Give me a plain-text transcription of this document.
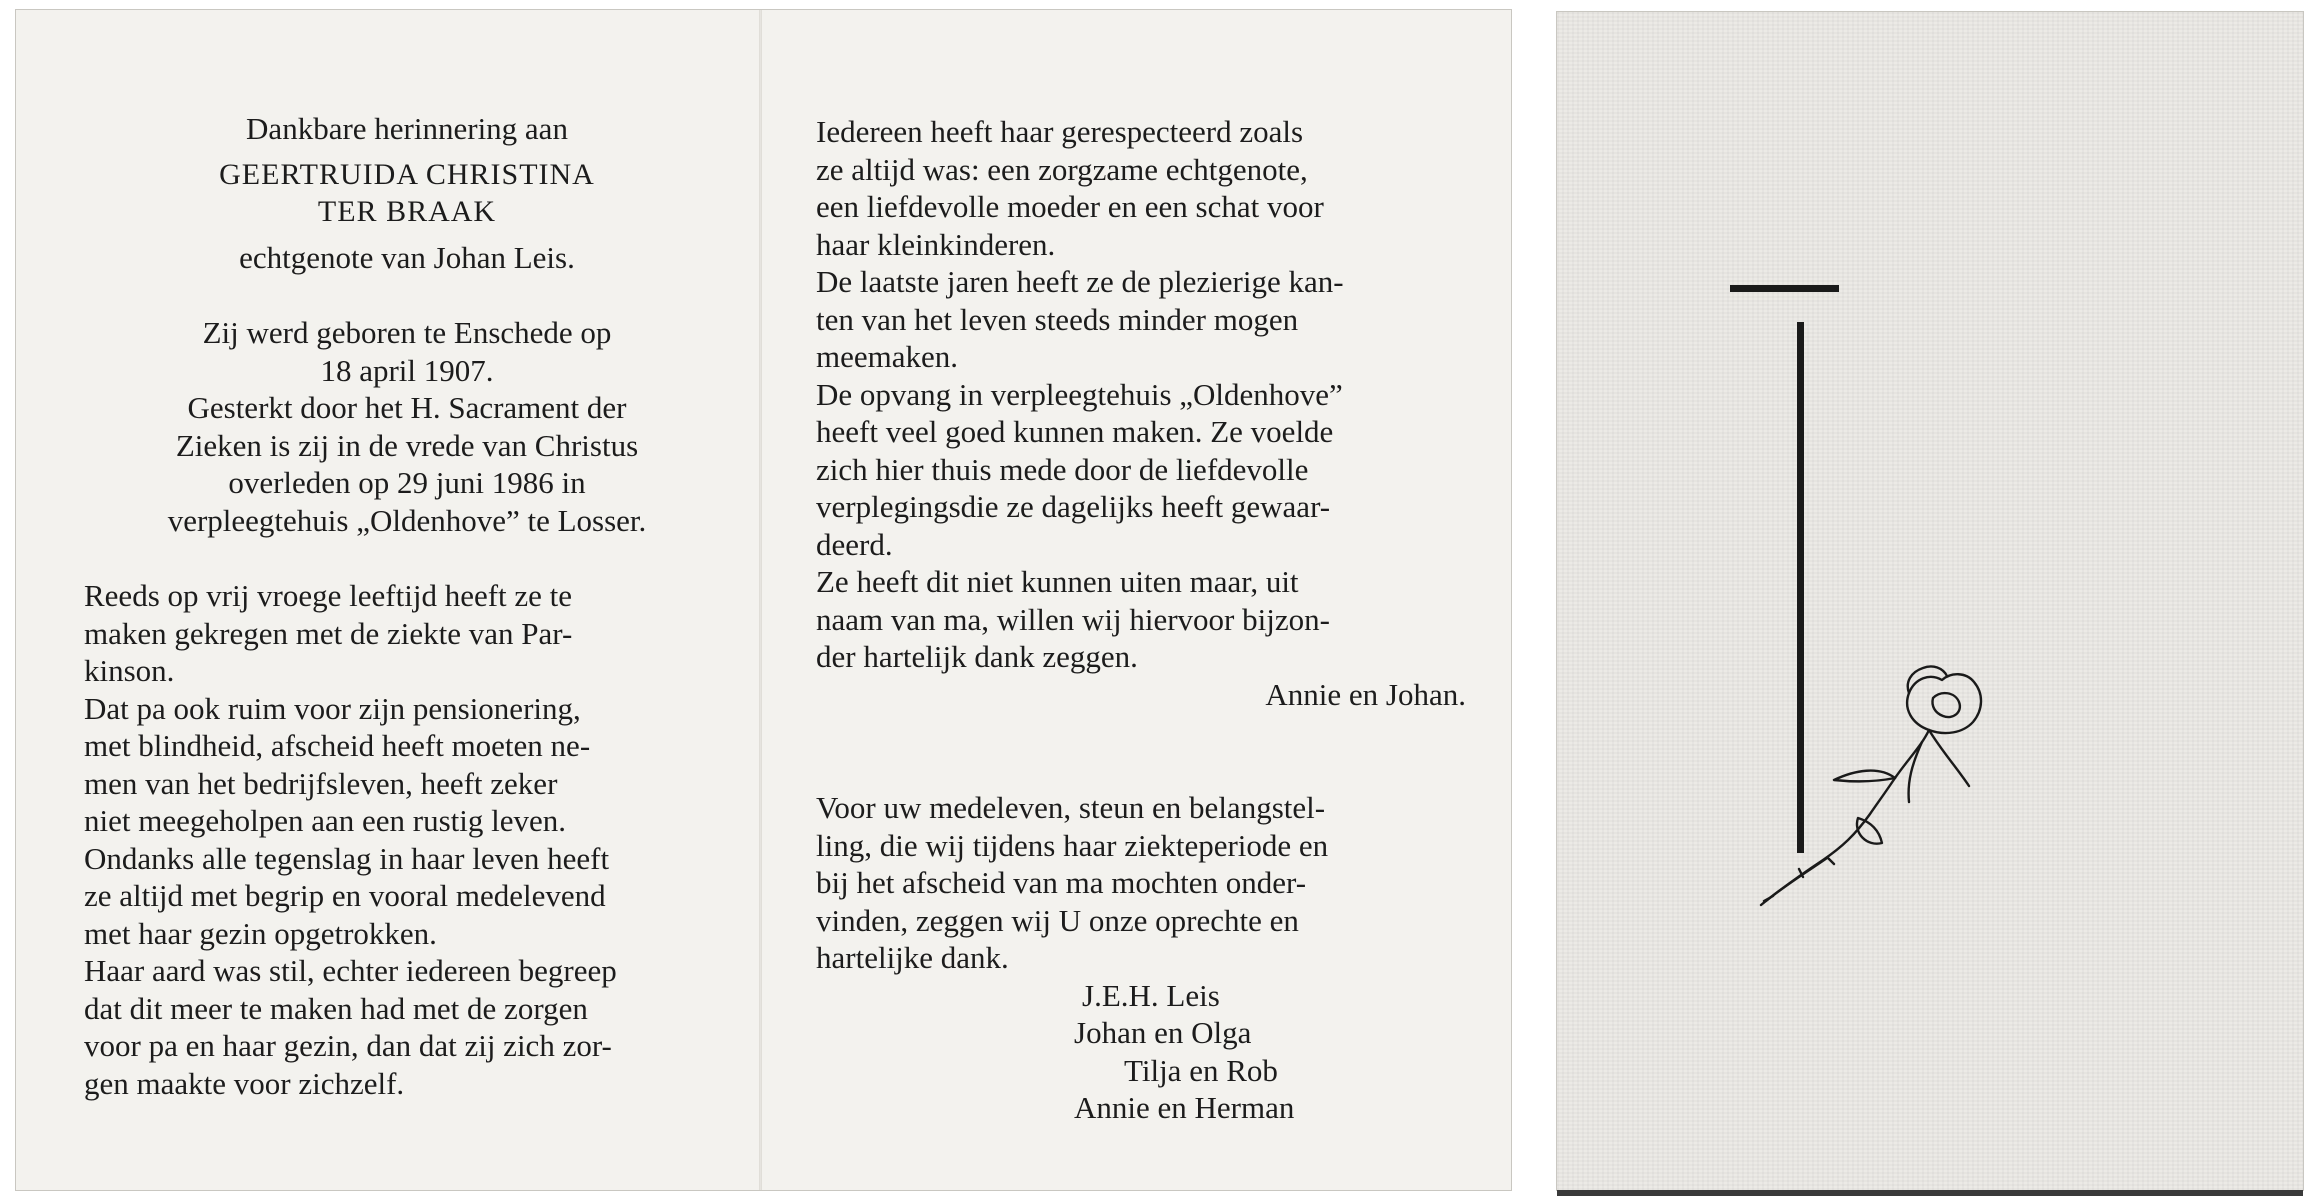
Dankbare herinnering aan

GEERTRUIDA CHRISTINA

TER BRAAK

echtgenote van Johan Leis.

Zij werd geboren te Enschede op
18 april 1907.
Gesterkt door het H. Sacrament der
Zieken is zij in de vrede van Christus
overleden op 29 juni 1986 in
verpleegtehuis „Oldenhove” te Losser.
Reeds op vrij vroege leeftijd heeft ze te
maken gekregen met de ziekte van Par-
kinson.
Dat pa ook ruim voor zijn pensionering,
met blindheid, afscheid heeft moeten ne-
men van het bedrijfsleven, heeft zeker
niet meegeholpen aan een rustig leven.
Ondanks alle tegenslag in haar leven heeft
ze altijd met begrip en vooral medelevend
met haar gezin opgetrokken.
Haar aard was stil, echter iedereen begreep
dat dit meer te maken had met de zorgen
voor pa en haar gezin, dan dat zij zich zor-
gen maakte voor zichzelf.
Iedereen heeft haar gerespecteerd zoals
ze altijd was: een zorgzame echtgenote,
een liefdevolle moeder en een schat voor
haar kleinkinderen.
De laatste jaren heeft ze de plezierige kan-
ten van het leven steeds minder mogen
meemaken.
De opvang in verpleegtehuis „Oldenhove”
heeft veel goed kunnen maken. Ze voelde
zich hier thuis mede door de liefdevolle
verplegingsdie ze dagelijks heeft gewaar-
deerd.
Ze heeft dit niet kunnen uiten maar, uit
naam van ma, willen wij hiervoor bijzon-
der hartelijk dank zeggen.

Annie en Johan.

Voor uw medeleven, steun en belangstel-
ling, die wij tijdens haar ziekteperiode en
bij het afscheid van ma mochten onder-
vinden, zeggen wij U onze oprechte en
hartelijke dank.
J.E.H. Leis
Johan en Olga
Tilja en Rob
Annie en Herman
